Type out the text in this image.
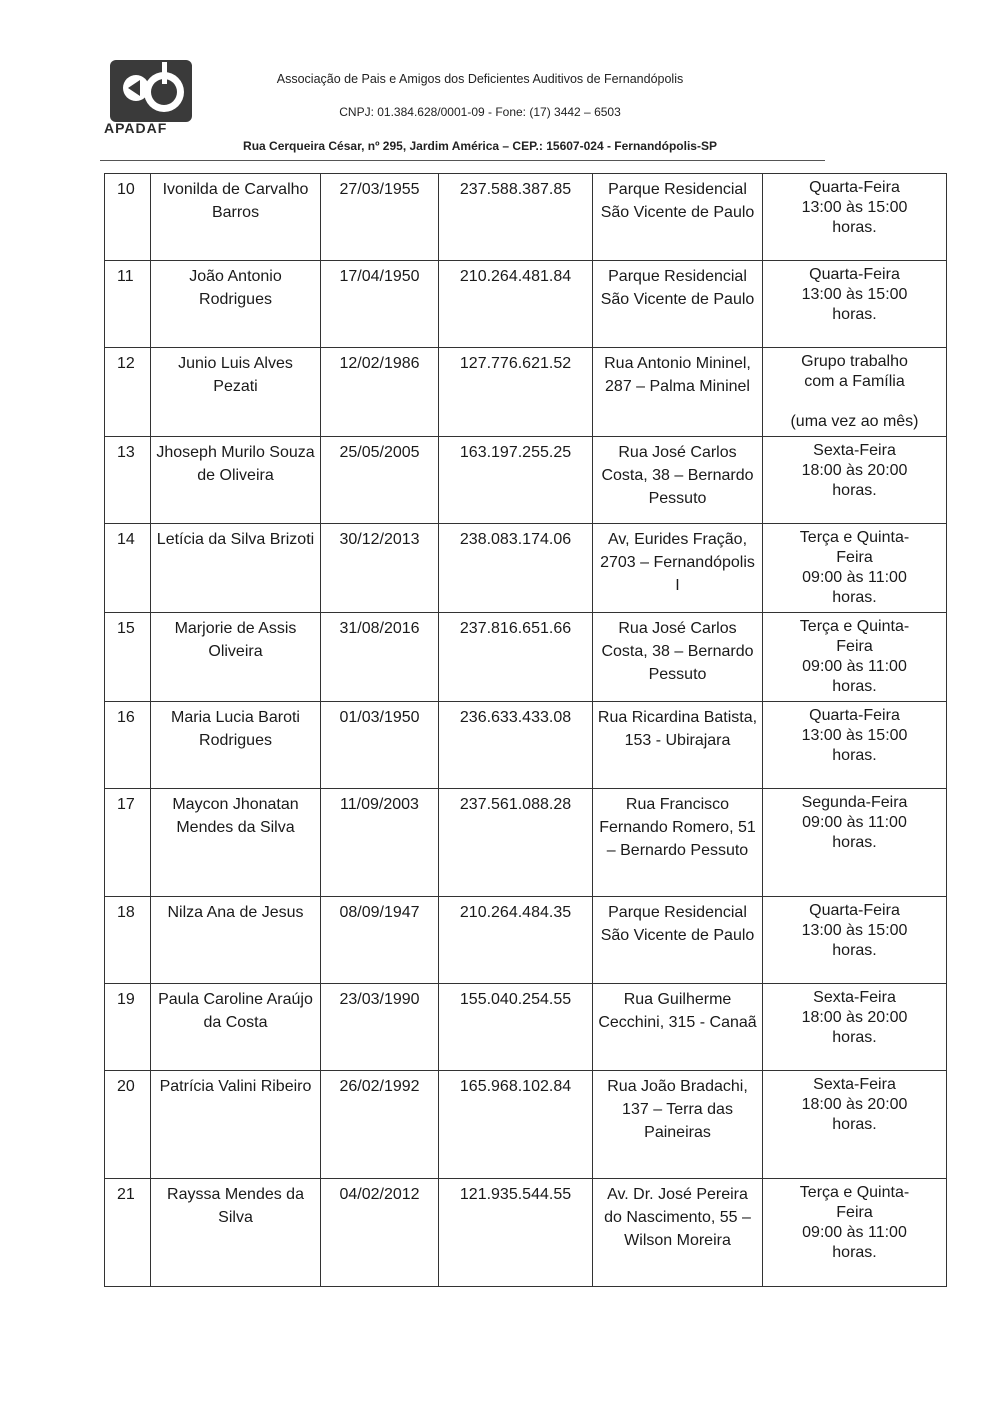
APADAF
Associação de Pais e Amigos dos Deficientes Auditivos de Fernandópolis
CNPJ: 01.384.628/0001-09 - Fone: (17) 3442 – 6503
Rua Cerqueira César, nº 295, Jardim América – CEP.: 15607-024 - Fernandópolis-SP
10	Ivonilda de Carvalho Barros	27/03/1955	237.588.387.85	Parque Residencial São Vicente de Paulo	Quarta-Feira
13:00 às 15:00
horas.

11	João Antonio Rodrigues	17/04/1950	210.264.481.84	Parque Residencial São Vicente de Paulo	Quarta-Feira
13:00 às 15:00
horas.

12	Junio Luis Alves Pezati	12/02/1986	127.776.621.52	Rua Antonio Mininel, 287 – Palma Mininel	Grupo trabalho
com a Família

(uma vez ao mês)

13	Jhoseph Murilo Souza de Oliveira	25/05/2005	163.197.255.25	Rua José Carlos Costa, 38 – Bernardo Pessuto	Sexta-Feira
18:00 às 20:00
horas.

14	Letícia da Silva Brizoti	30/12/2013	238.083.174.06	Av, Eurides Fração, 2703 – Fernandópolis I	Terça e Quinta-
Feira
09:00 às 11:00
horas.

15	Marjorie de Assis Oliveira	31/08/2016	237.816.651.66	Rua José Carlos Costa, 38 – Bernardo Pessuto	Terça e Quinta-
Feira
09:00 às 11:00
horas.

16	Maria Lucia Baroti Rodrigues	01/03/1950	236.633.433.08	Rua Ricardina Batista, 153 - Ubirajara	Quarta-Feira
13:00 às 15:00
horas.

17	Maycon Jhonatan Mendes da Silva	11/09/2003	237.561.088.28	Rua Francisco Fernando Romero, 51 – Bernardo Pessuto	Segunda-Feira
09:00 às 11:00
horas.

18	Nilza Ana de Jesus	08/09/1947	210.264.484.35	Parque Residencial São Vicente de Paulo	Quarta-Feira
13:00 às 15:00
horas.

19	Paula Caroline Araújo da Costa	23/03/1990	155.040.254.55	Rua Guilherme Cecchini, 315 - Canaã	Sexta-Feira
18:00 às 20:00
horas.

20	Patrícia Valini Ribeiro	26/02/1992	165.968.102.84	Rua João Bradachi, 137 – Terra das Paineiras	Sexta-Feira
18:00 às 20:00
horas.

21	Rayssa Mendes da Silva	04/02/2012	121.935.544.55	Av. Dr. José Pereira do Nascimento, 55 – Wilson Moreira	Terça e Quinta-
Feira
09:00 às 11:00
horas.
